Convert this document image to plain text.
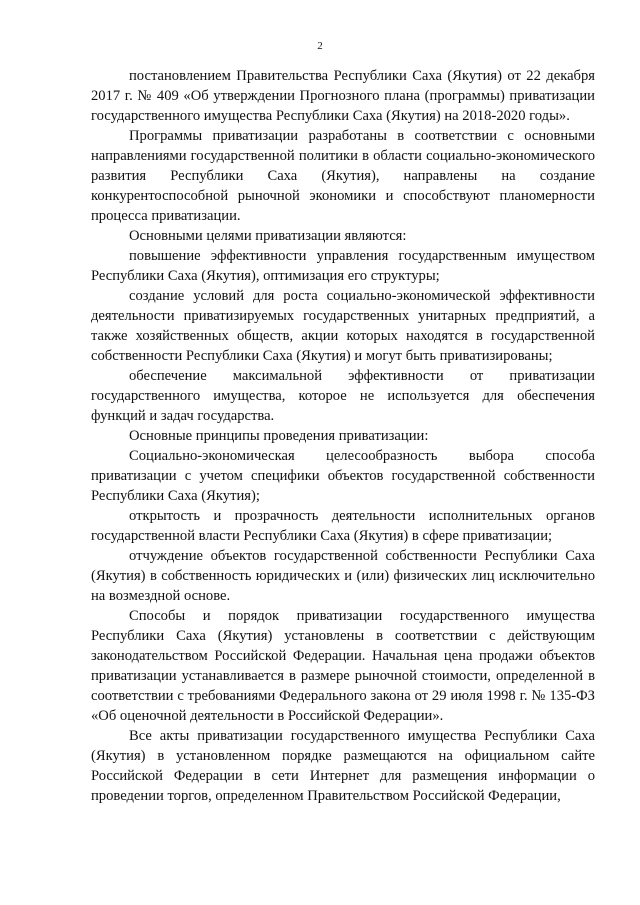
2

постановлением Правительства Республики Саха (Якутия) от 22 декабря 2017 г. № 409 «Об утверждении Прогнозного плана (программы) приватизации государственного имущества Республики Саха (Якутия) на 2018-2020 годы».

Программы приватизации разработаны в соответствии с основными направлениями государственной политики в области социально-экономического развития Республики Саха (Якутия), направлены на создание конкурентоспособной рыночной экономики и способствуют планомерности процесса приватизации.

Основными целями приватизации являются:

повышение эффективности управления государственным имуществом Республики Саха (Якутия), оптимизация его структуры;

создание условий для роста социально-экономической эффективности деятельности приватизируемых государственных унитарных предприятий, а также хозяйственных обществ, акции которых находятся в государственной собственности Республики Саха (Якутия) и могут быть приватизированы;

обеспечение максимальной эффективности от приватизации государственного имущества, которое не используется для обеспечения функций и задач государства.

Основные принципы проведения приватизации:

Социально-экономическая целесообразность выбора способа приватизации с учетом специфики объектов государственной собственности Республики Саха (Якутия);

открытость и прозрачность деятельности исполнительных органов государственной власти Республики Саха (Якутия) в сфере приватизации;

отчуждение объектов государственной собственности Республики Саха (Якутия) в собственность юридических и (или) физических лиц исключительно на возмездной основе.

Способы и порядок приватизации государственного имущества Республики Саха (Якутия) установлены в соответствии с действующим законодательством Российской Федерации. Начальная цена продажи объектов приватизации устанавливается в размере рыночной стоимости, определенной в соответствии с требованиями Федерального закона от 29 июля 1998 г. № 135-ФЗ «Об оценочной деятельности в Российской Федерации».

Все акты приватизации государственного имущества Республики Саха (Якутия) в установленном порядке размещаются на официальном сайте Российской Федерации в сети Интернет для размещения информации о проведении торгов, определенном Правительством Российской Федерации,
